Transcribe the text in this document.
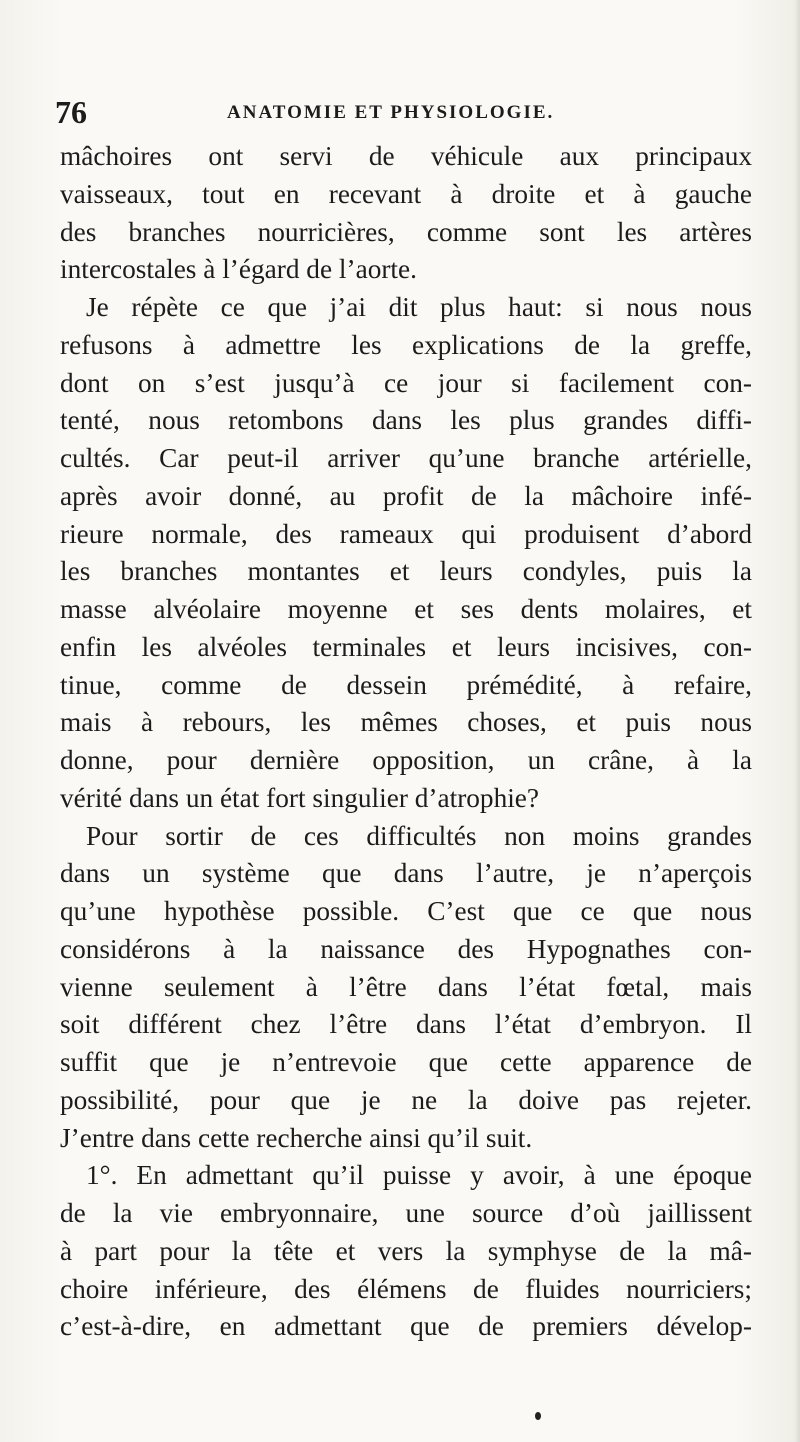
76	ANATOMIE ET PHYSIOLOGIE.
mâchoires ont servi de véhicule aux principaux
vaisseaux, tout en recevant à droite et à gauche
des branches nourricières, comme sont les artères
intercostales à l’égard de l’aorte.
Je répète ce que j’ai dit plus haut: si nous nous
refusons à admettre les explications de la greffe,
dont on s’est jusqu’à ce jour si facilement con-
tenté, nous retombons dans les plus grandes diffi-
cultés. Car peut-il arriver qu’une branche artérielle,
après avoir donné, au profit de la mâchoire infé-
rieure normale, des rameaux qui produisent d’abord
les branches montantes et leurs condyles, puis la
masse alvéolaire moyenne et ses dents molaires, et
enfin les alvéoles terminales et leurs incisives, con-
tinue, comme de dessein prémédité, à refaire,
mais à rebours, les mêmes choses, et puis nous
donne, pour dernière opposition, un crâne, à la
vérité dans un état fort singulier d’atrophie?
Pour sortir de ces difficultés non moins grandes
dans un système que dans l’autre, je n’aperçois
qu’une hypothèse possible. C’est que ce que nous
considérons à la naissance des Hypognathes con-
vienne seulement à l’être dans l’état fœtal, mais
soit différent chez l’être dans l’état d’embryon. Il
suffit que je n’entrevoie que cette apparence de
possibilité, pour que je ne la doive pas rejeter.
J’entre dans cette recherche ainsi qu’il suit.
1°. En admettant qu’il puisse y avoir, à une époque
de la vie embryonnaire, une source d’où jaillissent
à part pour la tête et vers la symphyse de la mâ-
choire inférieure, des élémens de fluides nourriciers;
c’est-à-dire, en admettant que de premiers dévelop-
